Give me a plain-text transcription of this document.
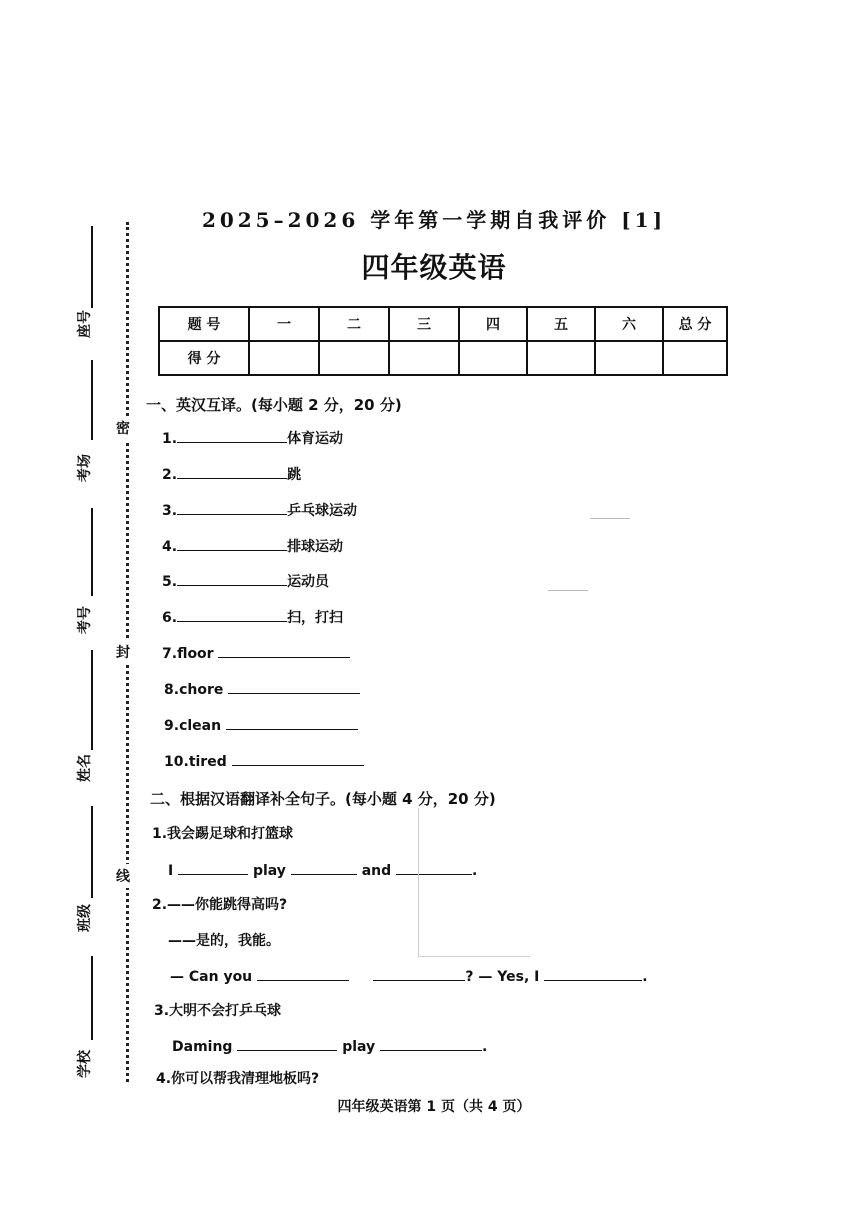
座号
考场
考号
姓名
班级
学校
密
封
线
2025–2026 学年第一学期自我评价 [1]
四年级英语
题 号	一	二	三	四	五	六	总 分
得 分							
一、英汉互译。(每小题 2 分，20 分)
1.	体育运动
2.	跳
3.	乒乓球运动
4.	排球运动
5.	运动员
6.	扫，打扫
7.floor
8.chore
9.clean
10.tired
二、根据汉语翻译补全句子。(每小题 4 分，20 分)
1.我会踢足球和打篮球
I	play	and	.
2.——你能跳得高吗?
——是的，我能。
— Can you	? — Yes, I	.
3.大明不会打乒乓球
Daming	play	.
4.你可以帮我清理地板吗?
四年级英语第 1 页（共 4 页）
